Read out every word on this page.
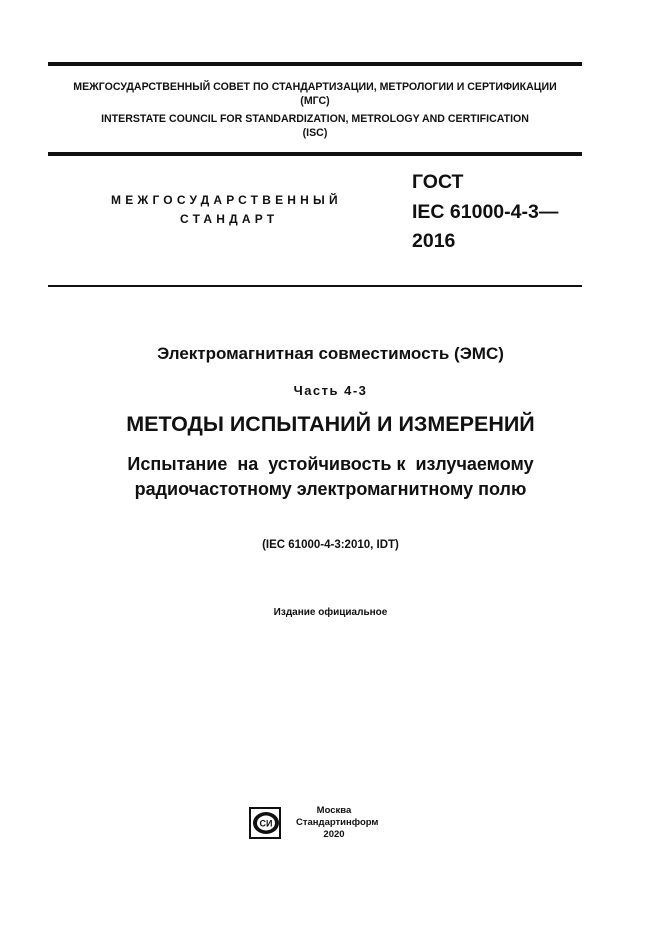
МЕЖГОСУДАРСТВЕННЫЙ СОВЕТ ПО СТАНДАРТИЗАЦИИ, МЕТРОЛОГИИ И СЕРТИФИКАЦИИ
(МГС)
INTERSTATE COUNCIL FOR STANDARDIZATION, METROLOGY AND CERTIFICATION
(ISC)
МЕЖГОСУДАРСТВЕННЫЙ
СТАНДАРТ
ГОСТ
IEC 61000-4-3—
2016
Электромагнитная совместимость (ЭМС)
Часть 4-3
МЕТОДЫ ИСПЫТАНИЙ И ИЗМЕРЕНИЙ
Испытание  на  устойчивость к  излучаемому
радиочастотному электромагнитному полю
(IEC 61000-4-3:2010, IDT)
Издание официальное
СИ
Москва
Стандартинформ
2020
